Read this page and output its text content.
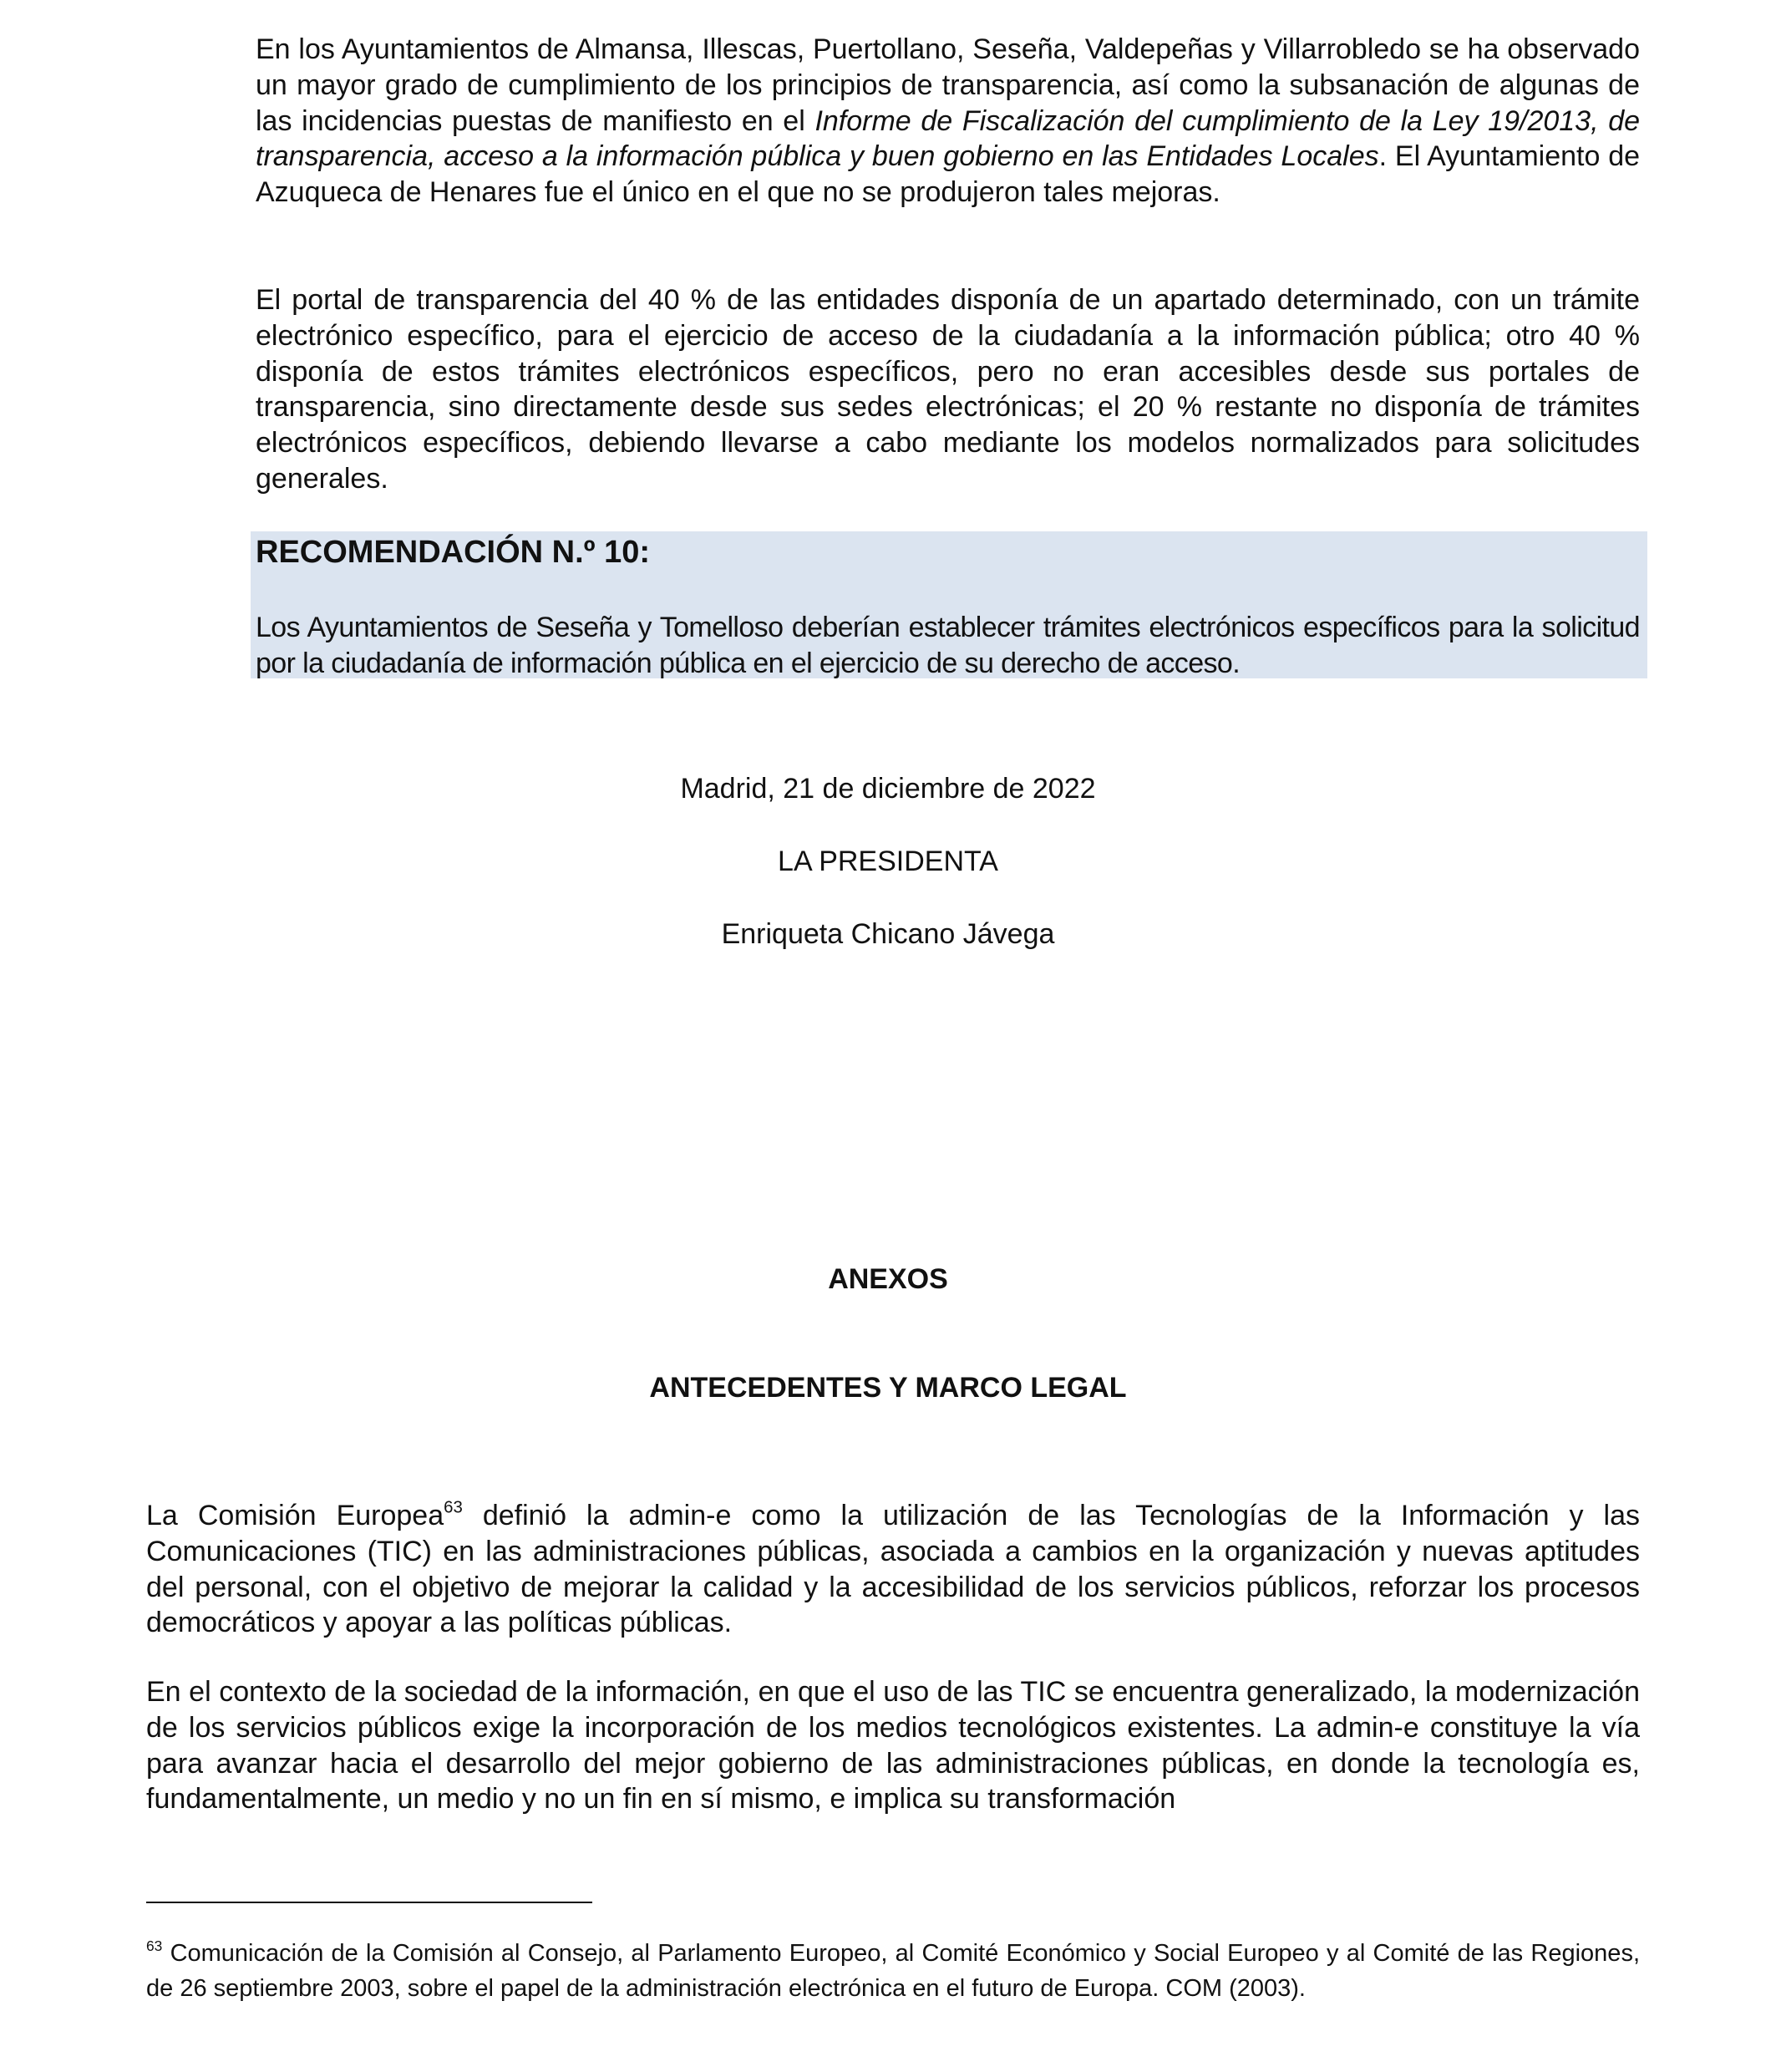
En los Ayuntamientos de Almansa, Illescas, Puertollano, Seseña, Valdepeñas y Villarrobledo se ha observado un mayor grado de cumplimiento de los principios de transparencia, así como la subsanación de algunas de las incidencias puestas de manifiesto en el Informe de Fiscalización del cumplimiento de la Ley 19/2013, de transparencia, acceso a la información pública y buen gobierno en las Entidades Locales. El Ayuntamiento de Azuqueca de Henares fue el único en el que no se produjeron tales mejoras.
El portal de transparencia del 40 % de las entidades disponía de un apartado determinado, con un trámite electrónico específico, para el ejercicio de acceso de la ciudadanía a la información pública; otro 40 % disponía de estos trámites electrónicos específicos, pero no eran accesibles desde sus portales de transparencia, sino directamente desde sus sedes electrónicas; el 20 % restante no disponía de trámites electrónicos específicos, debiendo llevarse a cabo mediante los modelos normalizados para solicitudes generales.
RECOMENDACIÓN N.º 10:
Los Ayuntamientos de Seseña y Tomelloso deberían establecer trámites electrónicos específicos para la solicitud por la ciudadanía de información pública en el ejercicio de su derecho de acceso.
Madrid, 21 de diciembre de 2022
LA PRESIDENTA
Enriqueta Chicano Jávega
ANEXOS
ANTECEDENTES Y MARCO LEGAL
La Comisión Europea$^{63}$ definió la admin-e como la utilización de las Tecnologías de la Información y las Comunicaciones (TIC) en las administraciones públicas, asociada a cambios en la organización y nuevas aptitudes del personal, con el objetivo de mejorar la calidad y la accesibilidad de los servicios públicos, reforzar los procesos democráticos y apoyar a las políticas públicas.
En el contexto de la sociedad de la información, en que el uso de las TIC se encuentra generalizado, la modernización de los servicios públicos exige la incorporación de los medios tecnológicos existentes. La admin-e constituye la vía para avanzar hacia el desarrollo del mejor gobierno de las administraciones públicas, en donde la tecnología es, fundamentalmente, un medio y no un fin en sí mismo, e implica su transformación
$^{63}$ Comunicación de la Comisión al Consejo, al Parlamento Europeo, al Comité Económico y Social Europeo y al Comité de las Regiones, de 26 septiembre 2003, sobre el papel de la administración electrónica en el futuro de Europa. COM (2003).
